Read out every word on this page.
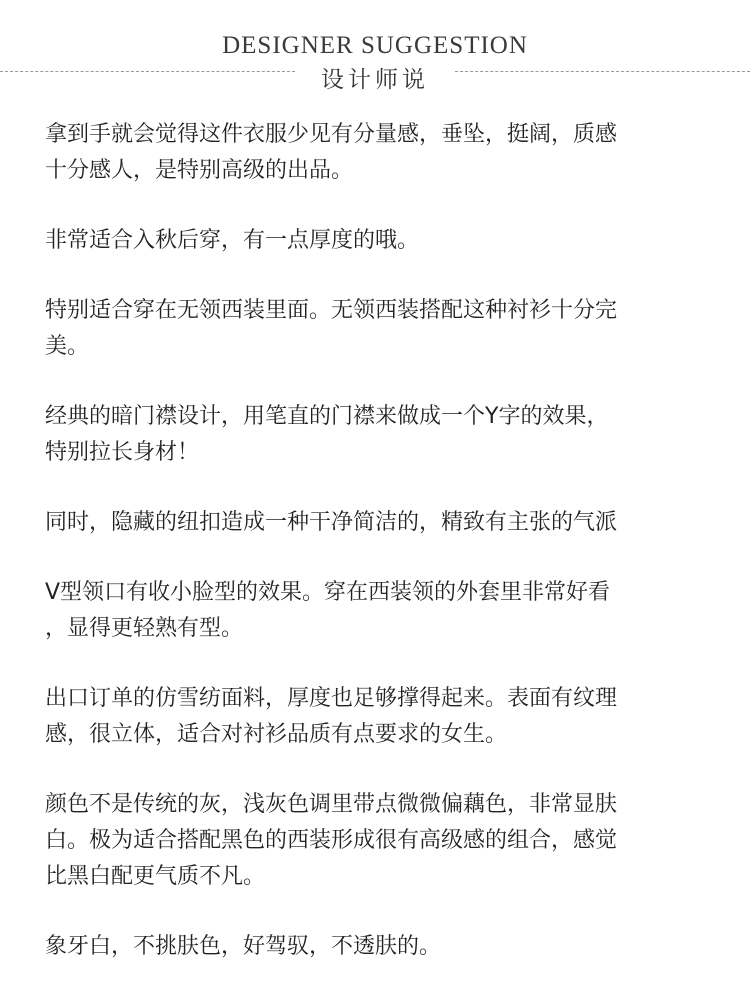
DESIGNER SUGGESTION
设计师说

拿到手就会觉得这件衣服少见有分量感，垂坠，挺阔，质感
十分感人，是特别高级的出品。

非常适合入秋后穿，有一点厚度的哦。

特别适合穿在无领西装里面。无领西装搭配这种衬衫十分完
美。

经典的暗门襟设计，用笔直的门襟来做成一个Y字的效果，
特别拉长身材！

同时，隐藏的纽扣造成一种干净简洁的，精致有主张的气派

V型领口有收小脸型的效果。穿在西装领的外套里非常好看
，显得更轻熟有型。

出口订单的仿雪纺面料，厚度也足够撑得起来。表面有纹理
感，很立体，适合对衬衫品质有点要求的女生。

颜色不是传统的灰，浅灰色调里带点微微偏藕色，非常显肤
白。极为适合搭配黑色的西装形成很有高级感的组合，感觉
比黑白配更气质不凡。

象牙白，不挑肤色，好驾驭，不透肤的。
